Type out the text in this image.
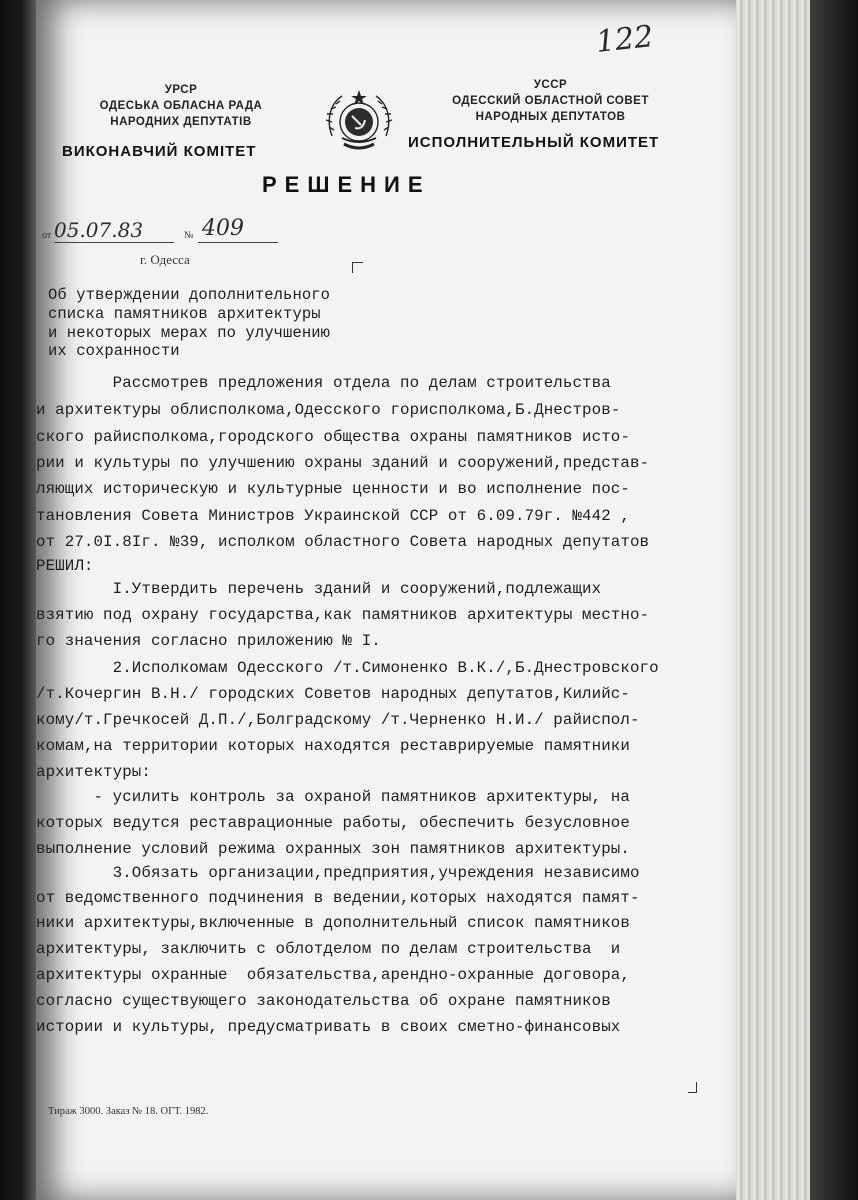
122
УРСР
ОДЕСЬКА ОБЛАСНА РАДА
НАРОДНИХ ДЕПУТАТІВ
ВИКОНАВЧИЙ КОМІТЕТ
УССР
ОДЕССКИЙ ОБЛАСТНОЙ СОВЕТ
НАРОДНЫХ ДЕПУТАТОВ
ИСПОЛНИТЕЛЬНЫЙ КОМИТЕТ
РЕШЕНИЕ
от 05.07.83	№ 409
г. Одесса
Об утверждении дополнительного
списка памятников архитектуры
и некоторых мерах по улучшению
их сохранности
Рассмотрев предложения отдела по делам строительства
и архитектуры облисполкома,Одесского горисполкома,Б.Днестров-
ского райисполкома,городского общества охраны памятников исто-
рии и культуры по улучшению охраны зданий и сооружений,представ-
ляющих историческую и культурные ценности и во исполнение пос-
тановления Совета Министров Украинской ССР от 6.09.79г. №442 ,
от 27.0I.8Iг. №39, исполком областного Совета народных депутатов
РЕШИЛ:
I.Утвердить перечень зданий и сооружений,подлежащих
взятию под охрану государства,как памятников архитектуры местно-
го значения согласно приложению № I.
2.Исполкомам Одесского /т.Симоненко В.К./,Б.Днестровского
/т.Кочергин В.Н./ городских Советов народных депутатов,Килийс-
кому/т.Гречкосей Д.П./,Болградскому /т.Черненко Н.И./ райиспол-
комам,на территории которых находятся реставрируемые памятники
архитектуры:
- усилить контроль за охраной памятников архитектуры, на
которых ведутся реставрационные работы, обеспечить безусловное
выполнение условий режима охранных зон памятников архитектуры.
3.Обязать организации,предприятия,учреждения независимо
от ведомственного подчинения в ведении,которых находятся памят-
ники архитектуры,включенные в дополнительный список памятников
архитектуры, заключить с облотделом по делам строительства  и
архитектуры охранные  обязательства,арендно-охранные договора,
согласно существующего законодательства об охране памятников
истории и культуры, предусматривать в своих сметно-финансовых
Тираж 3000. Заказ № 18. ОГТ. 1982.
